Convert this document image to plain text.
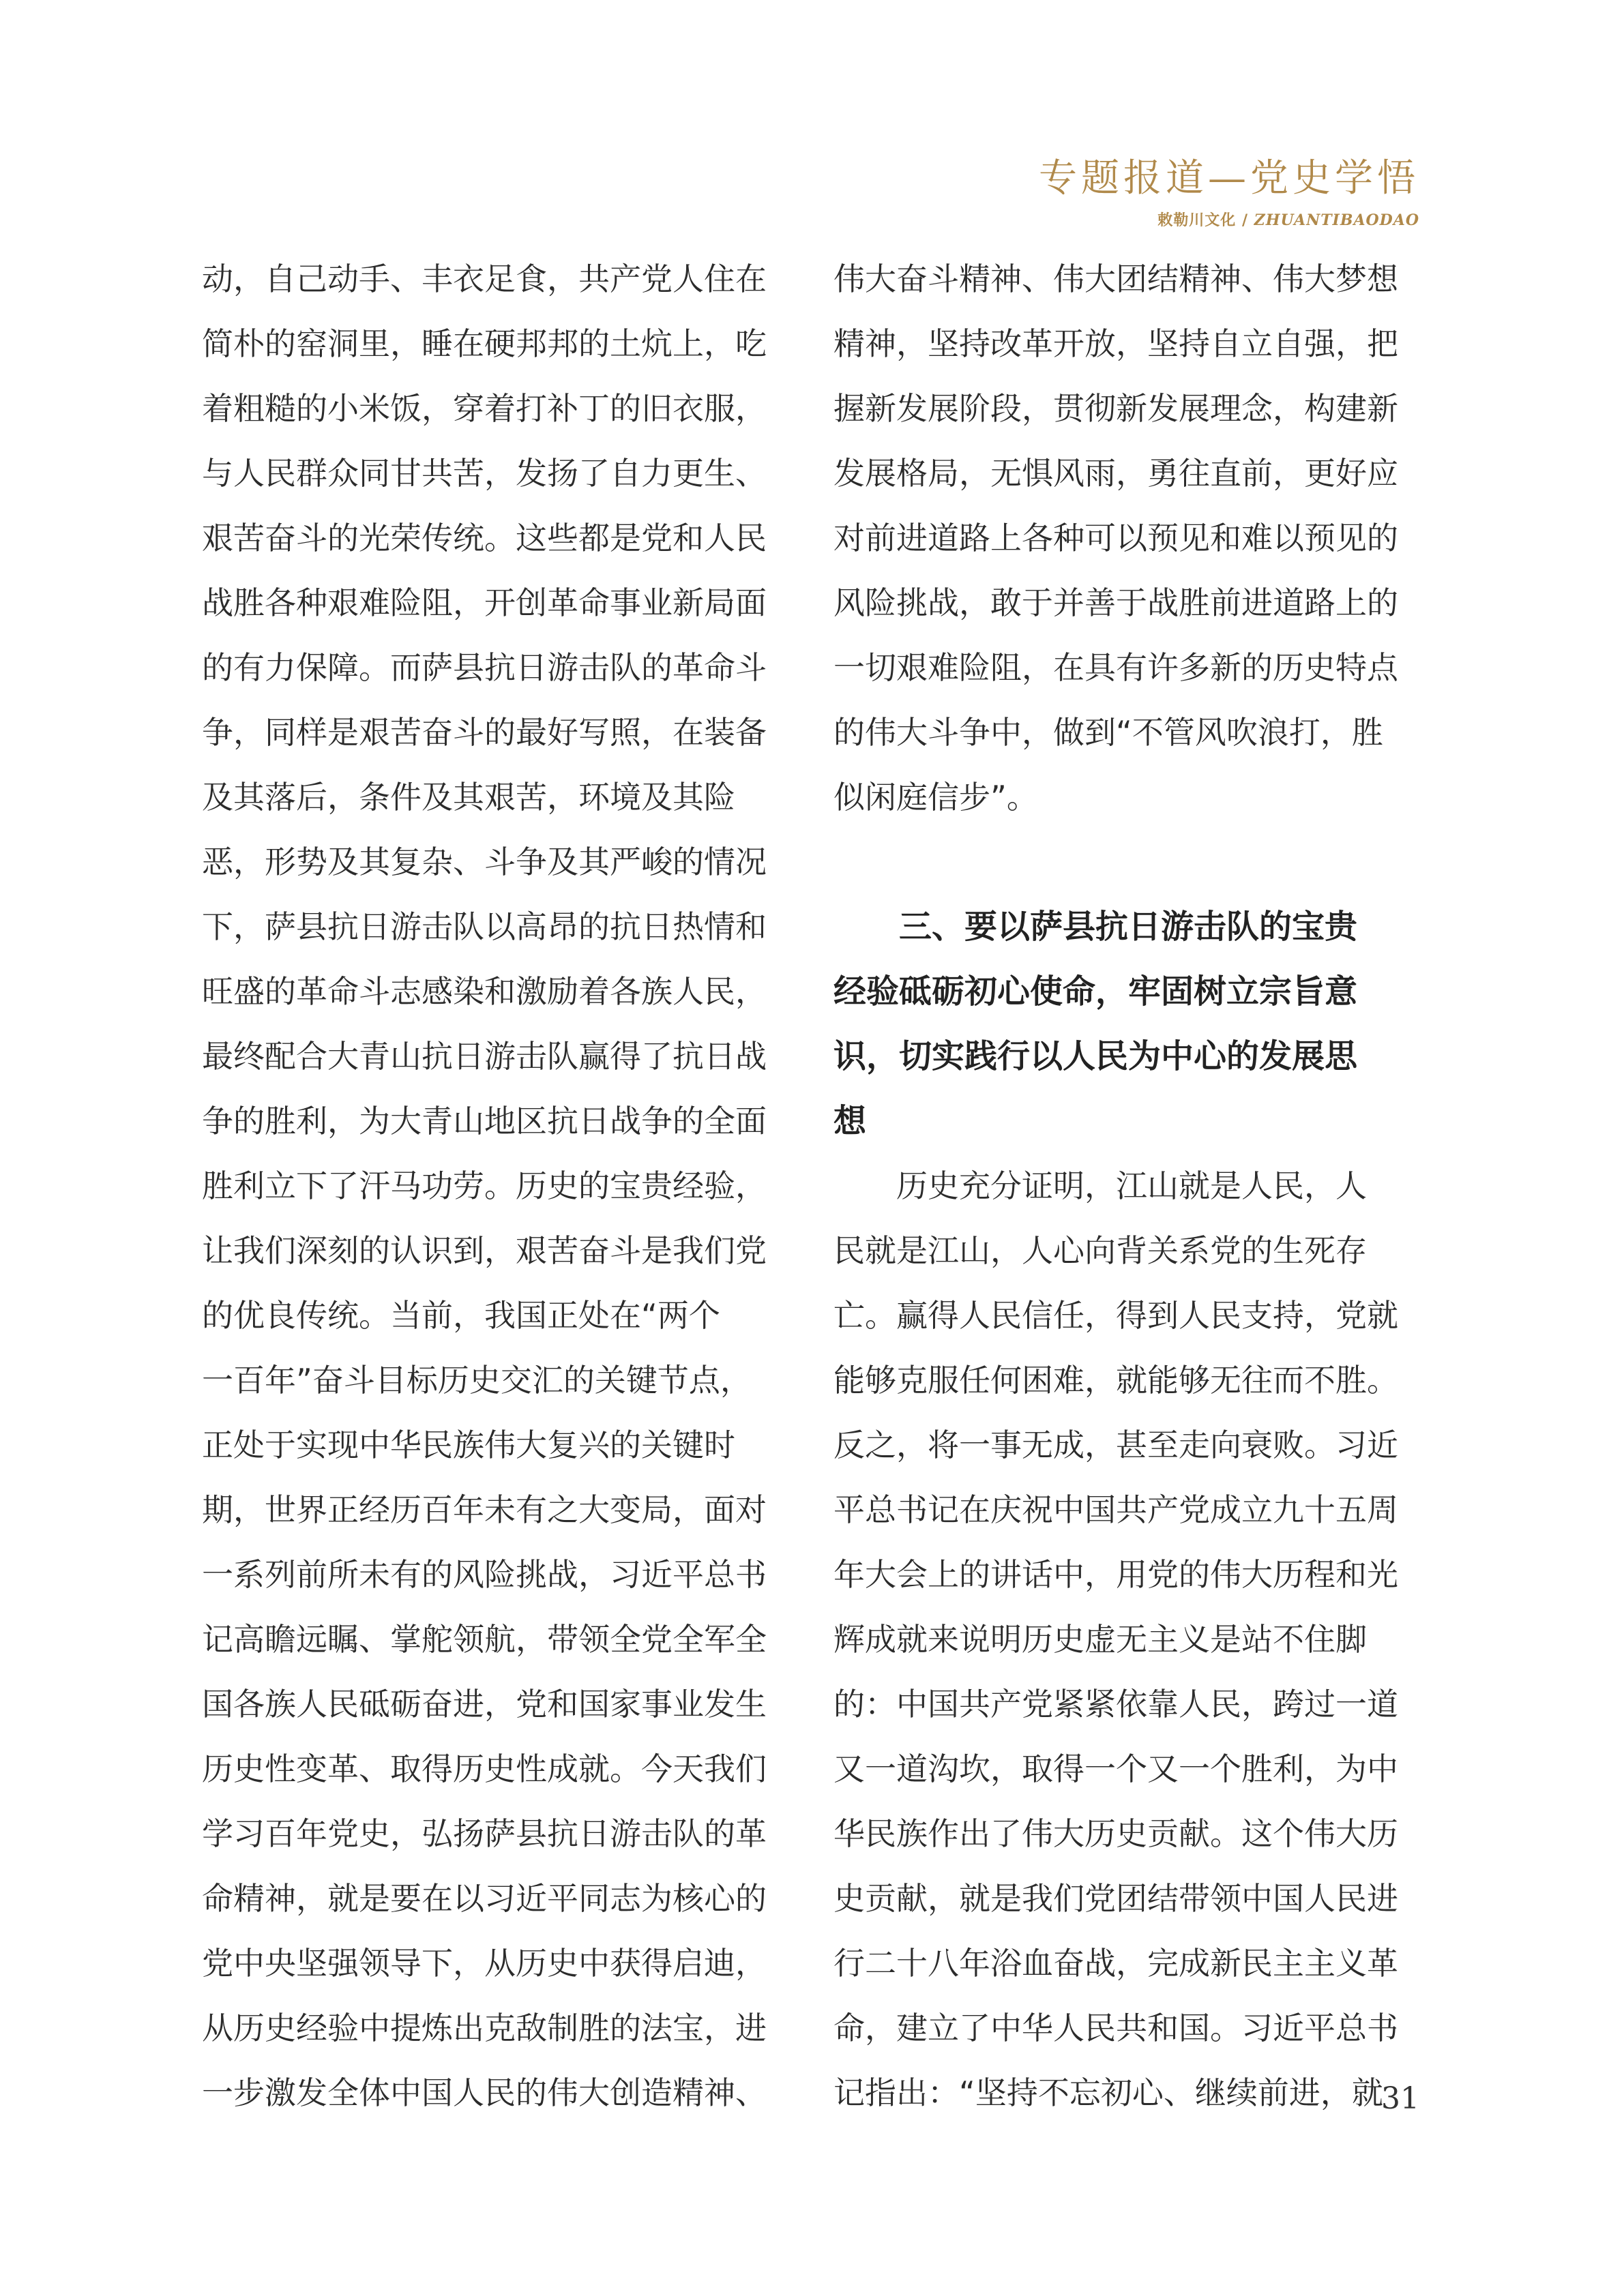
专题报道—党史学悟
敕勒川文化 / ZHUANTIBAODAO
动，自己动手、丰衣足食，共产党人住在
简朴的窑洞里，睡在硬邦邦的土炕上，吃
着粗糙的小米饭，穿着打补丁的旧衣服，
与人民群众同甘共苦，发扬了自力更生、
艰苦奋斗的光荣传统。这些都是党和人民
战胜各种艰难险阻，开创革命事业新局面
的有力保障。而萨县抗日游击队的革命斗
争，同样是艰苦奋斗的最好写照，在装备
及其落后，条件及其艰苦，环境及其险
恶，形势及其复杂、斗争及其严峻的情况
下，萨县抗日游击队以高昂的抗日热情和
旺盛的革命斗志感染和激励着各族人民，
最终配合大青山抗日游击队赢得了抗日战
争的胜利，为大青山地区抗日战争的全面
胜利立下了汗马功劳。历史的宝贵经验，
让我们深刻的认识到，艰苦奋斗是我们党
的优良传统。当前，我国正处在“两个
一百年”奋斗目标历史交汇的关键节点，
正处于实现中华民族伟大复兴的关键时
期，世界正经历百年未有之大变局，面对
一系列前所未有的风险挑战，习近平总书
记高瞻远瞩、掌舵领航，带领全党全军全
国各族人民砥砺奋进，党和国家事业发生
历史性变革、取得历史性成就。今天我们
学习百年党史，弘扬萨县抗日游击队的革
命精神，就是要在以习近平同志为核心的
党中央坚强领导下，从历史中获得启迪，
从历史经验中提炼出克敌制胜的法宝，进
一步激发全体中国人民的伟大创造精神、
伟大奋斗精神、伟大团结精神、伟大梦想
精神，坚持改革开放，坚持自立自强，把
握新发展阶段，贯彻新发展理念，构建新
发展格局，无惧风雨，勇往直前，更好应
对前进道路上各种可以预见和难以预见的
风险挑战，敢于并善于战胜前进道路上的
一切艰难险阻，在具有许多新的历史特点
的伟大斗争中，做到“不管风吹浪打，胜
似闲庭信步”。
　　三、要以萨县抗日游击队的宝贵
经验砥砺初心使命，牢固树立宗旨意
识，切实践行以人民为中心的发展思
想
　　历史充分证明，江山就是人民，人
民就是江山，人心向背关系党的生死存
亡。赢得人民信任，得到人民支持，党就
能够克服任何困难，就能够无往而不胜。
反之，将一事无成，甚至走向衰败。习近
平总书记在庆祝中国共产党成立九十五周
年大会上的讲话中，用党的伟大历程和光
辉成就来说明历史虚无主义是站不住脚
的：中国共产党紧紧依靠人民，跨过一道
又一道沟坎，取得一个又一个胜利，为中
华民族作出了伟大历史贡献。这个伟大历
史贡献，就是我们党团结带领中国人民进
行二十八年浴血奋战，完成新民主主义革
命，建立了中华人民共和国。习近平总书
记指出：“坚持不忘初心、继续前进，就
31
